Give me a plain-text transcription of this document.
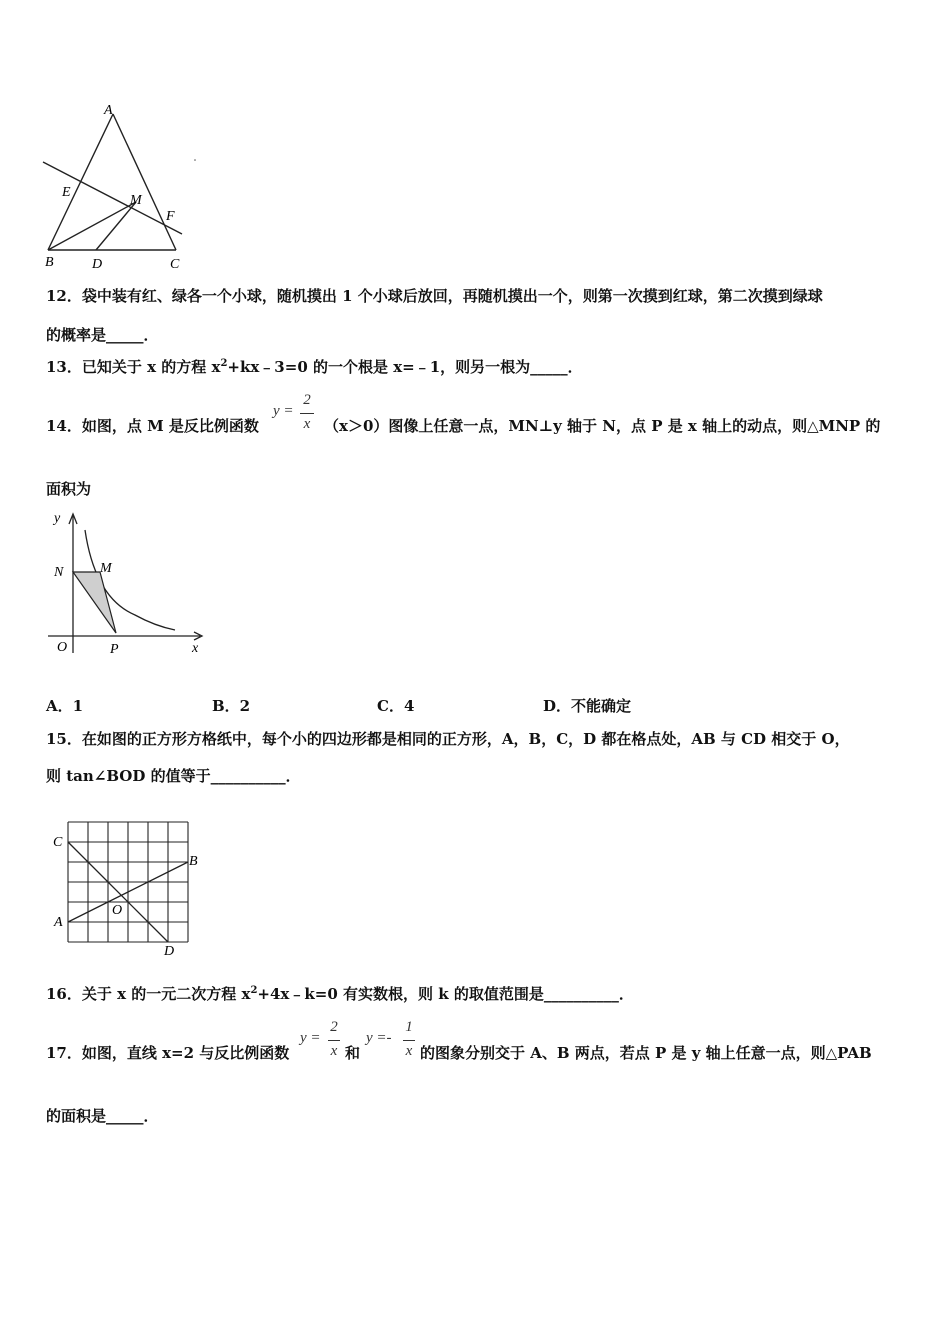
A
E
M
F
B	D	C
12．袋中装有红、绿各一个小球，随机摸出 1 个小球后放回，再随机摸出一个，则第一次摸到红球，第二次摸到绿球
的概率是_____．
13．已知关于 x 的方程 $x^2+kx﹣3=0$ 的一个根是 x=﹣1，则另一根为_____．
14．如图，点 M 是反比例函数
y =
2
x （x＞0）图像上任意一点，MN⊥y 轴于 N，点 P 是 x 轴上的动点，则△MNP 的
面积为
y
N	M
O	P	x
A．1	B．2	C．4	D．不能确定
15．在如图的正方形方格纸中，每个小的四边形都是相同的正方形，A，B，C，D 都在格点处，AB 与 CD 相交于 O，
则 tan∠BOD 的值等于__________．
C
B
O
A
D
16．关于 x 的一元二次方程 $x^2+4x﹣k=0$ 有实数根，则 k 的取值范围是__________．
17．如图，直线 x=2 与反比例函数
y =
2
x 和
y =-
1
x 的图象分别交于 A、B 两点，若点 P 是 y 轴上任意一点，则△PAB
的面积是_____．
